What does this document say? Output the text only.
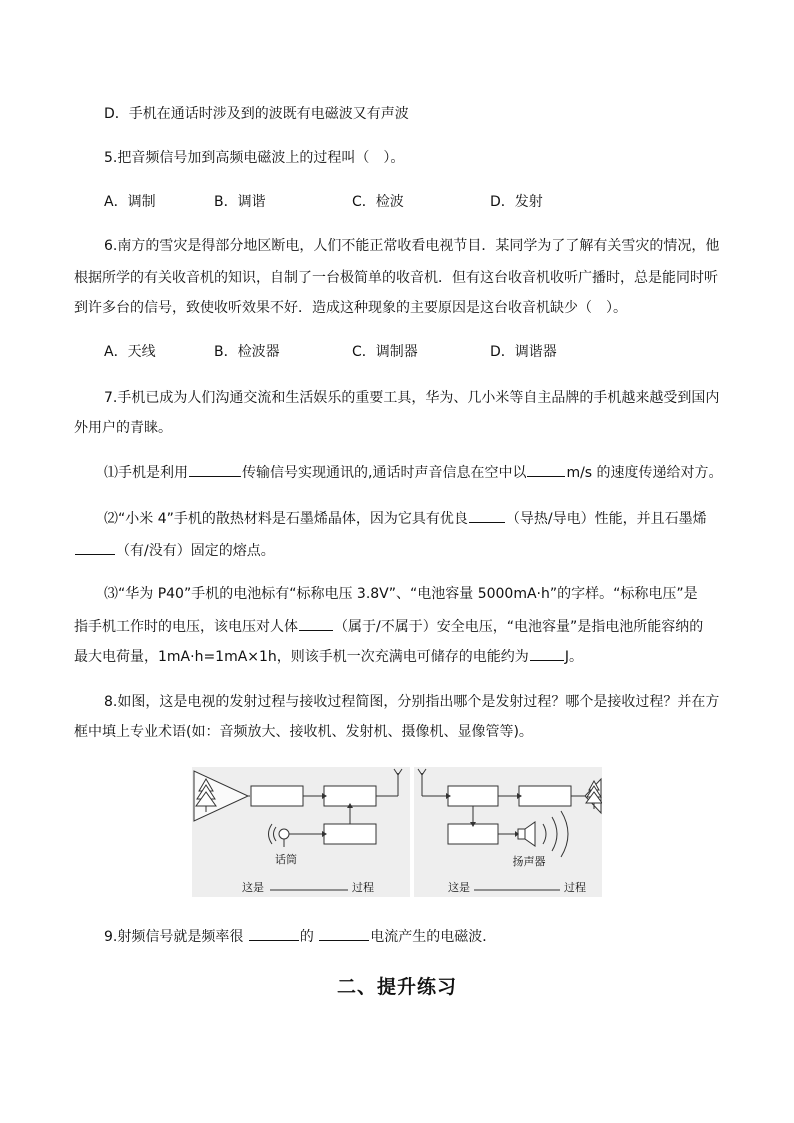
D．手机在通话时涉及到的波既有电磁波又有声波
5.把音频信号加到高频电磁波上的过程叫（　）。
A．调制	B．调谐	C．检波	D．发射
6.南方的雪灾是得部分地区断电，人们不能正常收看电视节目．某同学为了了解有关雪灾的情况，他
根据所学的有关收音机的知识，自制了一台极简单的收音机．但有这台收音机收听广播时，总是能同时听
到许多台的信号，致使收听效果不好．造成这种现象的主要原因是这台收音机缺少（　）。
A．天线	B．检波器	C．调制器	D．调谐器
7.手机已成为人们沟通交流和生活娱乐的重要工具，华为、几小米等自主品牌的手机越来越受到国内
外用户的青睐。
⑴手机是利用	传输信号实现通讯的,通话时声音信息在空中以	m/s 的速度传递给对方。
⑵“小米 4”手机的散热材料是石墨烯晶体，因为它具有优良	（导热/导电）性能，并且石墨烯
（有/没有）固定的熔点。
⑶“华为 P40”手机的电池标有“标称电压 3.8V”、“电池容量 5000mA·h”的字样。“标称电压”是
指手机工作时的电压，该电压对人体	（属于/不属于）安全电压，“电池容量”是指电池所能容纳的
最大电荷量，1mA·h=1mA×1h，则该手机一次充满电可储存的电能约为	J。
8.如图，这是电视的发射过程与接收过程简图，分别指出哪个是发射过程？哪个是接收过程？并在方
框中填上专业术语(如：音频放大、接收机、发射机、摄像机、显像管等)。
话筒	扬声器
这是	过程	这是	过程
9.射频信号就是频率很	的	电流产生的电磁波．
二、提升练习
